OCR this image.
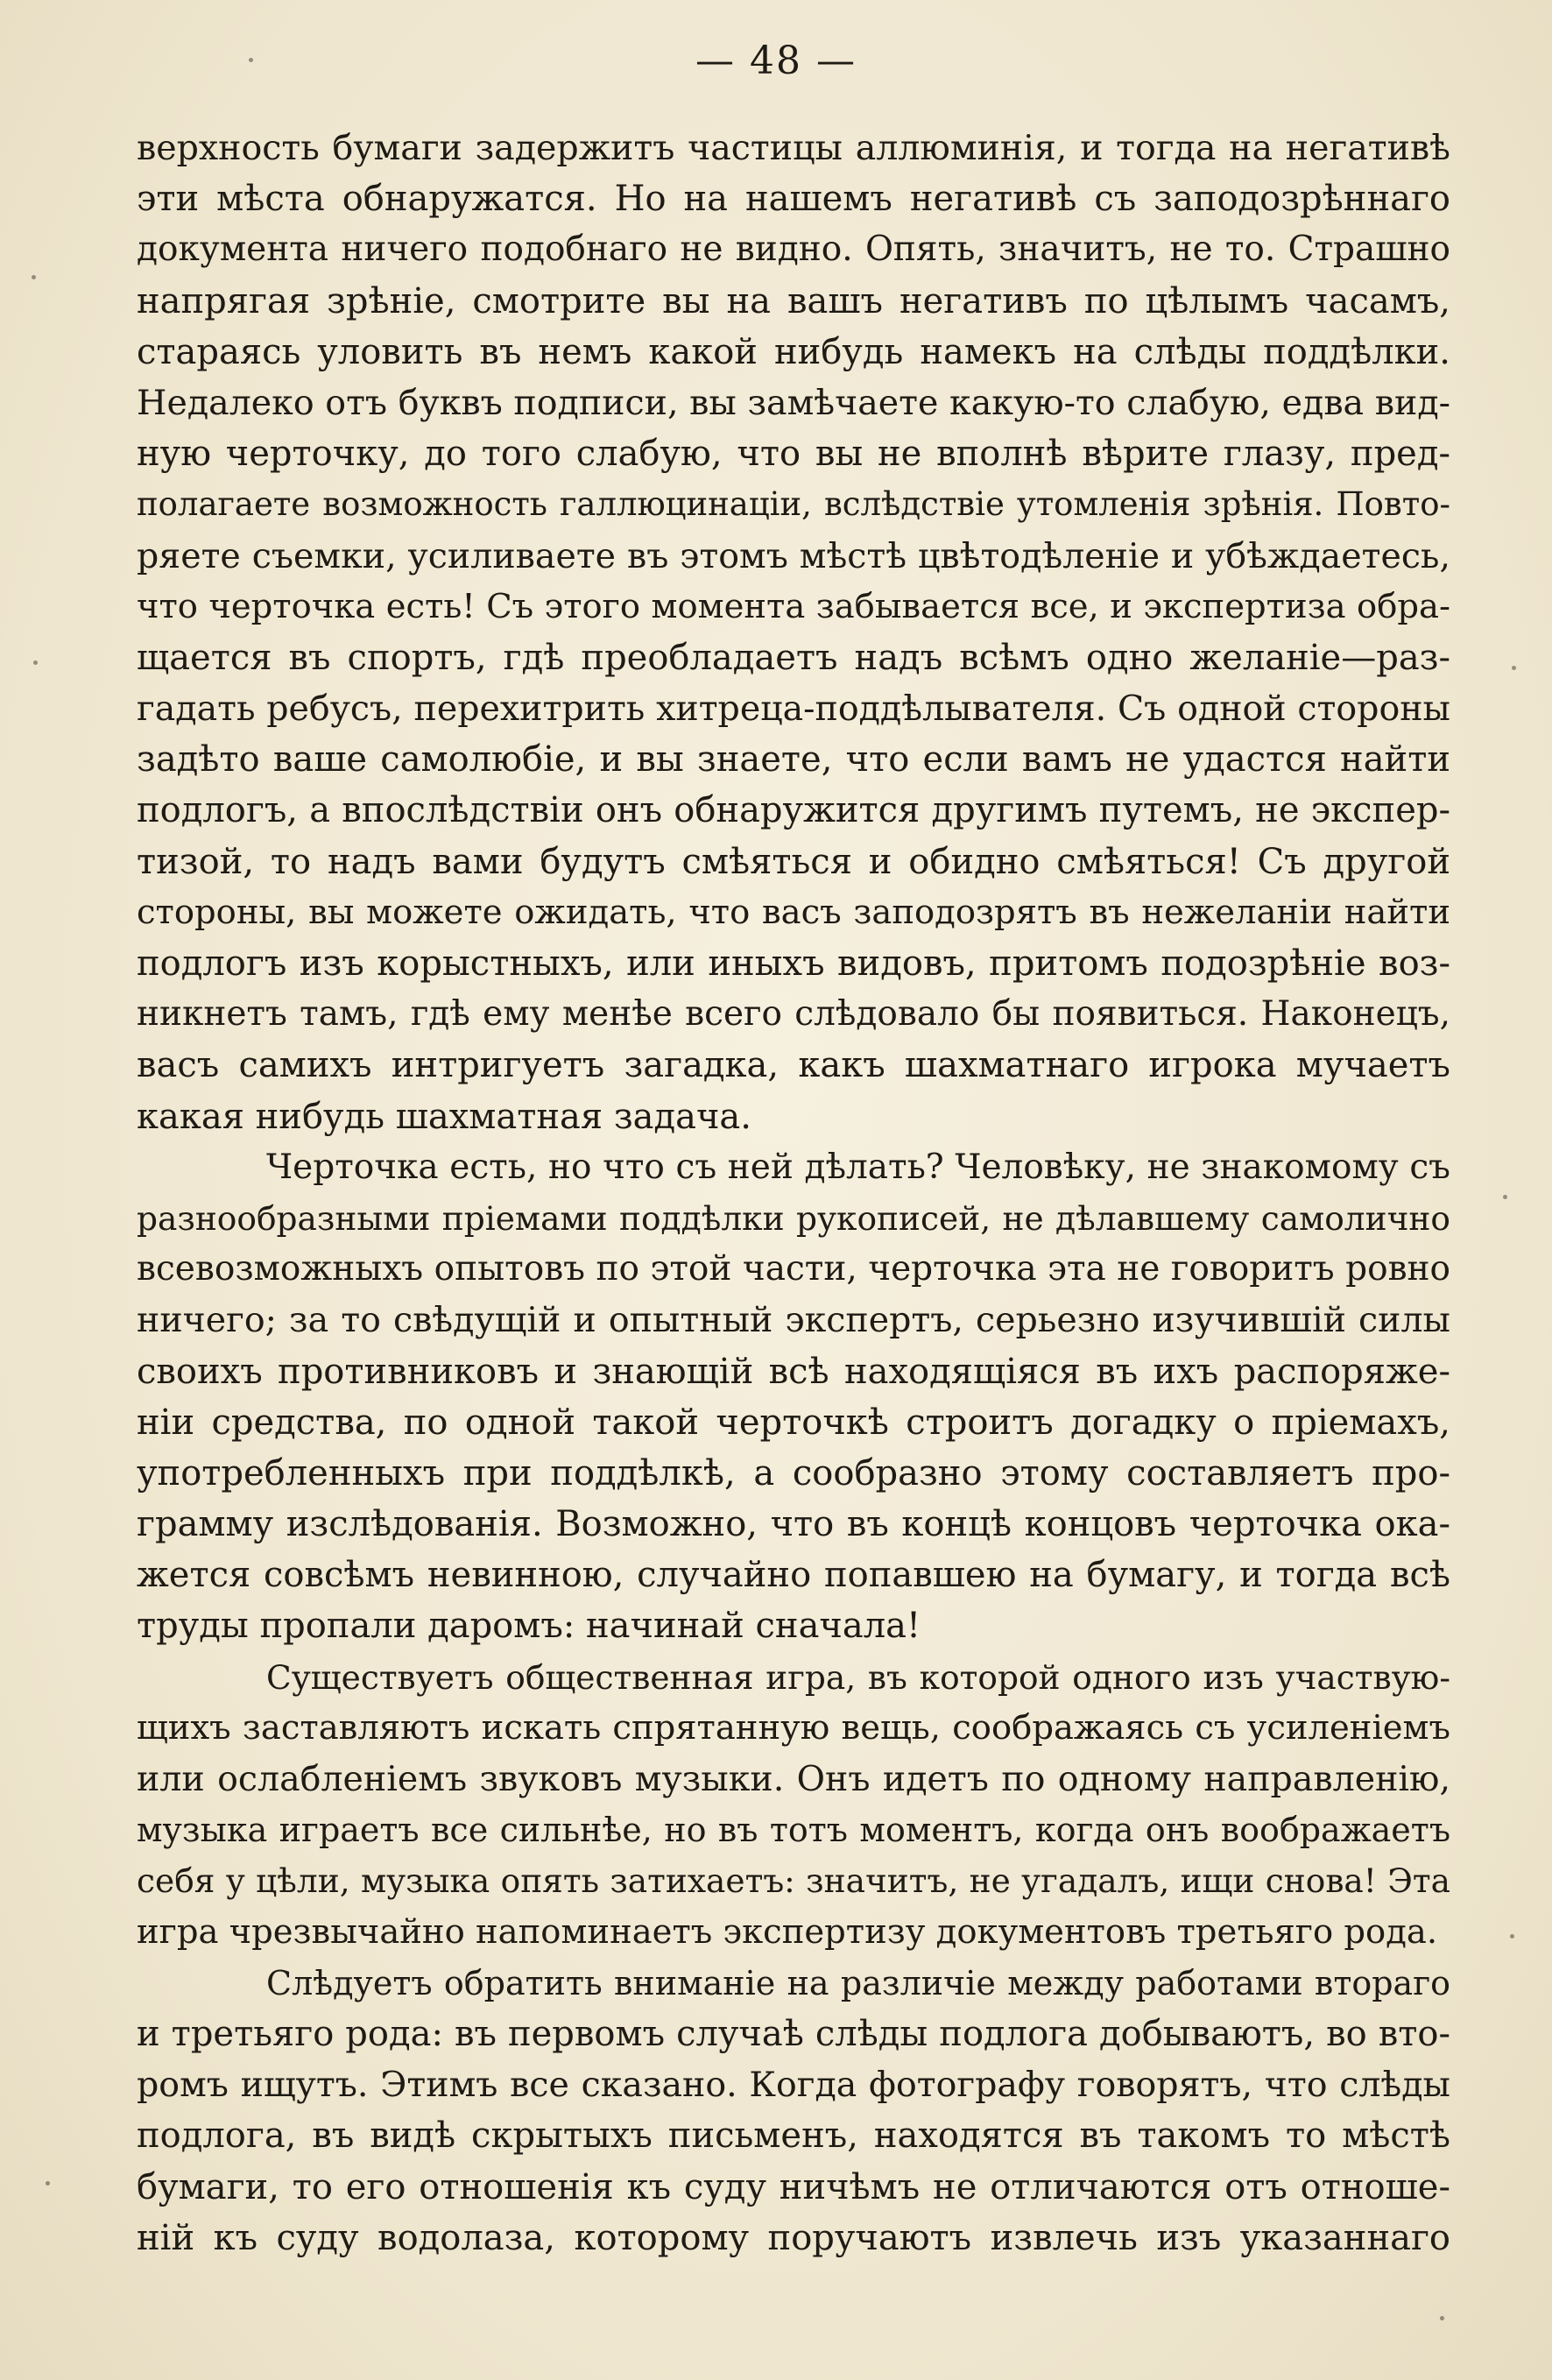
— 48 —
верхность бумаги задержитъ частицы аллюминія, и тогда на негативѣ
эти мѣста обнаружатся. Но на нашемъ негативѣ съ заподозрѣннаго
документа ничего подобнаго не видно. Опять, значитъ, не то. Страшно
напрягая зрѣніе, смотрите вы на вашъ негативъ по цѣлымъ часамъ,
стараясь уловить въ немъ какой нибудь намекъ на слѣды поддѣлки.
Недалеко отъ буквъ подписи, вы замѣчаете какую-то слабую, едва вид-
ную черточку, до того слабую, что вы не вполнѣ вѣрите глазу, пред-
полагаете возможность галлюцинаціи, вслѣдствіе утомленія зрѣнія. Повто-
ряете съемки, усиливаете въ этомъ мѣстѣ цвѣтодѣленіе и убѣждаетесь,
что черточка есть! Съ этого момента забывается все, и экспертиза обра-
щается въ спортъ, гдѣ преобладаетъ надъ всѣмъ одно желаніе—раз-
гадать ребусъ, перехитрить хитреца-поддѣлывателя. Съ одной стороны
задѣто ваше самолюбіе, и вы знаете, что если вамъ не удастся найти
подлогъ, а впослѣдствіи онъ обнаружится другимъ путемъ, не экспер-
тизой, то надъ вами будутъ смѣяться и обидно смѣяться! Съ другой
стороны, вы можете ожидать, что васъ заподозрятъ въ нежеланіи найти
подлогъ изъ корыстныхъ, или иныхъ видовъ, притомъ подозрѣніе воз-
никнетъ тамъ, гдѣ ему менѣе всего слѣдовало бы появиться. Наконецъ,
васъ самихъ интригуетъ загадка, какъ шахматнаго игрока мучаетъ
какая нибудь шахматная задача.
Черточка есть, но что съ ней дѣлать? Человѣку, не знакомому съ
разнообразными пріемами поддѣлки рукописей, не дѣлавшему самолично
всевозможныхъ опытовъ по этой части, черточка эта не говоритъ ровно
ничего; за то свѣдущій и опытный экспертъ, серьезно изучившій силы
своихъ противниковъ и знающій всѣ находящіяся въ ихъ распоряже-
ніи средства, по одной такой черточкѣ строитъ догадку о пріемахъ,
употребленныхъ при поддѣлкѣ, а сообразно этому составляетъ про-
грамму изслѣдованія. Возможно, что въ концѣ концовъ черточка ока-
жется совсѣмъ невинною, случайно попавшею на бумагу, и тогда всѣ
труды пропали даромъ: начинай сначала!
Существуетъ общественная игра, въ которой одного изъ участвую-
щихъ заставляютъ искать спрятанную вещь, соображаясь съ усиленіемъ
или ослабленіемъ звуковъ музыки. Онъ идетъ по одному направленію,
музыка играетъ все сильнѣе, но въ тотъ моментъ, когда онъ воображаетъ
себя у цѣли, музыка опять затихаетъ: значитъ, не угадалъ, ищи снова! Эта
игра чрезвычайно напоминаетъ экспертизу документовъ третьяго рода.
Слѣдуетъ обратить вниманіе на различіе между работами втораго
и третьяго рода: въ первомъ случаѣ слѣды подлога добываютъ, во вто-
ромъ ищутъ. Этимъ все сказано. Когда фотографу говорятъ, что слѣды
подлога, въ видѣ скрытыхъ письменъ, находятся въ такомъ то мѣстѣ
бумаги, то его отношенія къ суду ничѣмъ не отличаются отъ отноше-
ній къ суду водолаза, которому поручаютъ извлечь изъ указаннаго
